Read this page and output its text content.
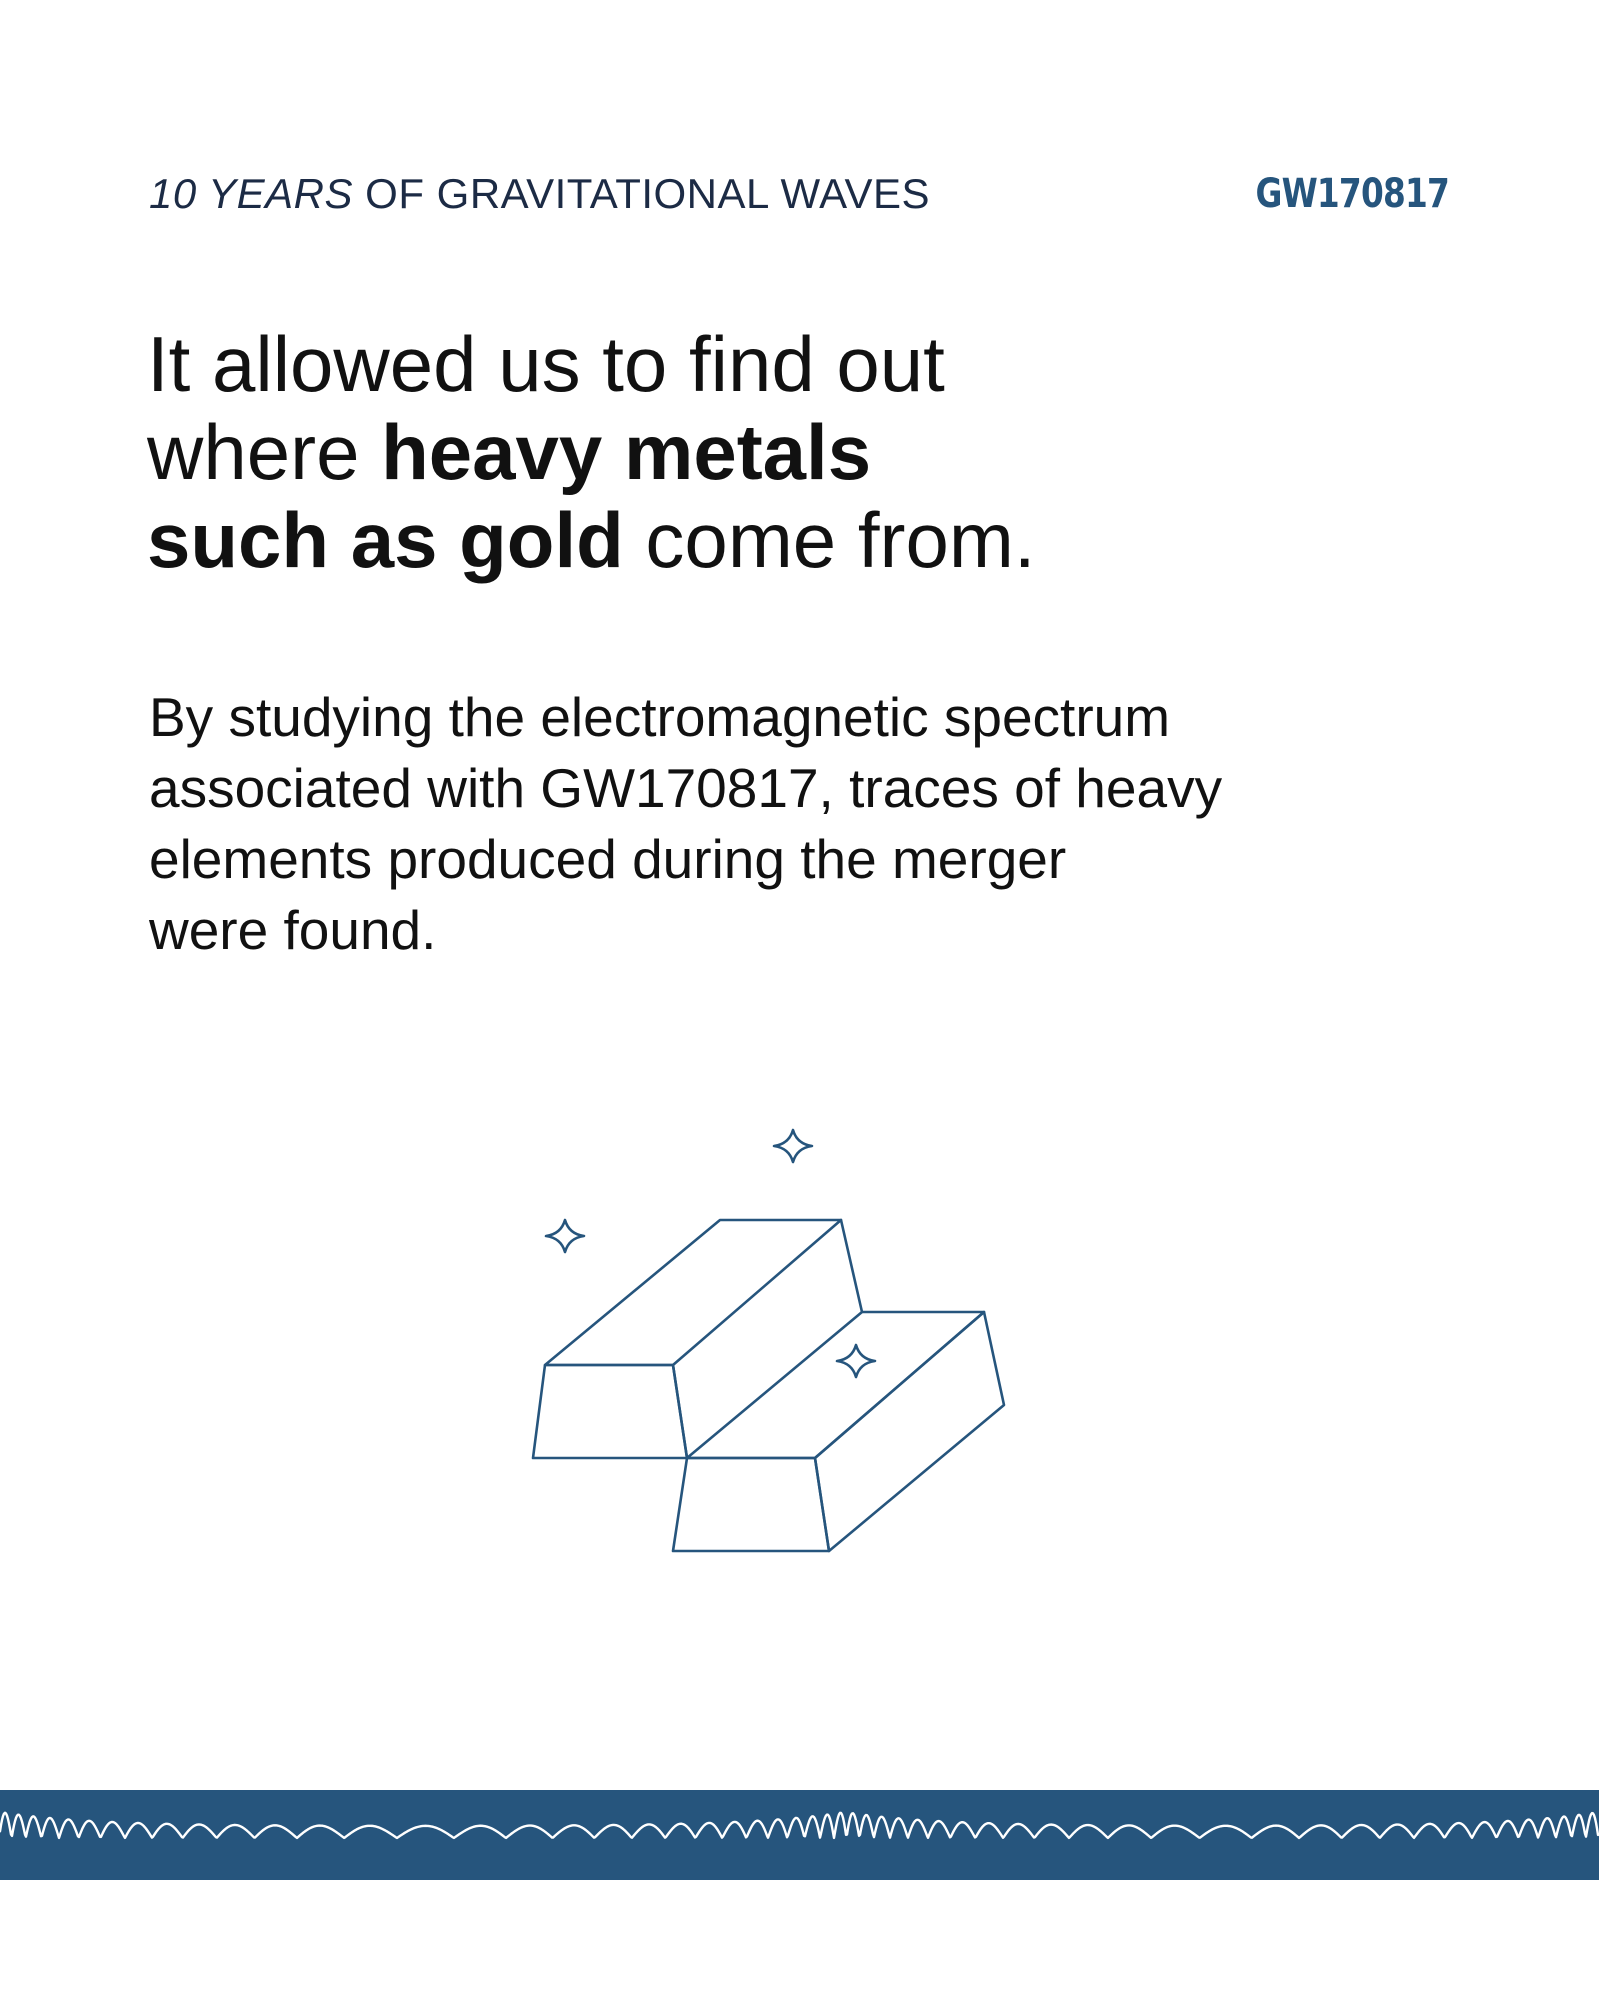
10 YEARS OF GRAVITATIONAL WAVES	GW170817
It allowed us to find out
where heavy metals
such as gold come from.

By studying the electromagnetic spectrum
associated with GW170817, traces of heavy
elements produced during the merger
were found.
